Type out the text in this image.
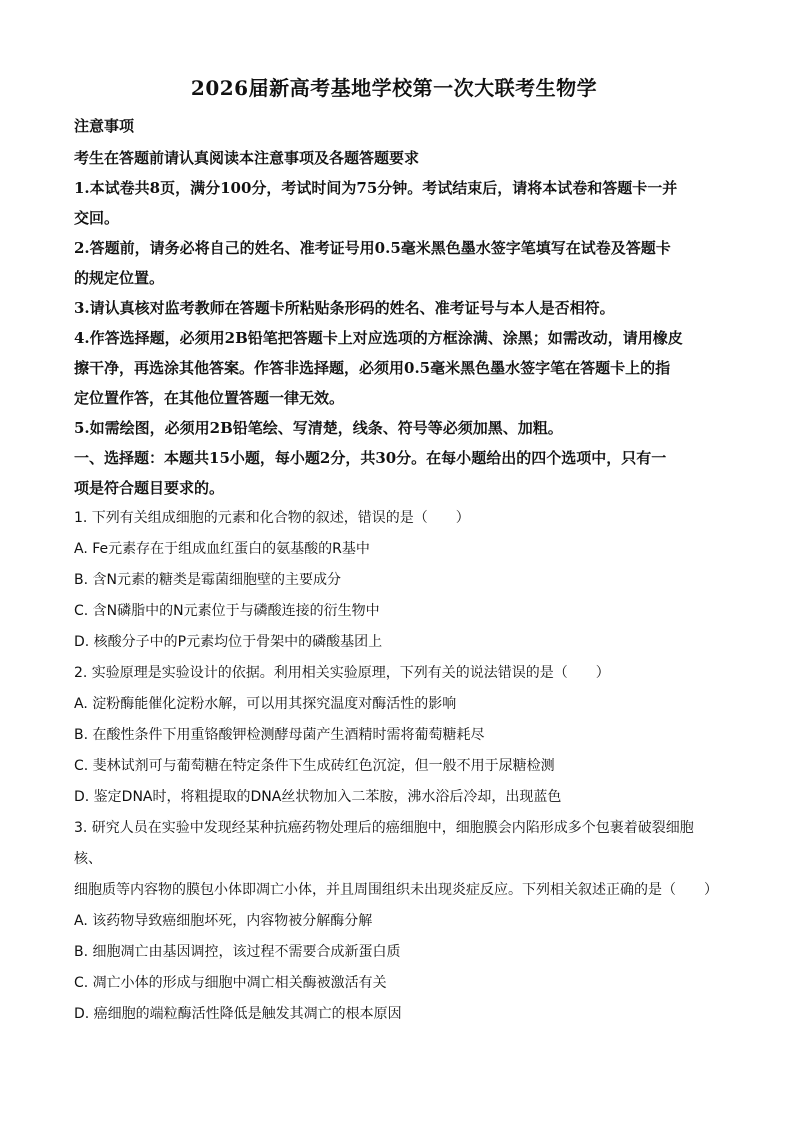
2026届新高考基地学校第一次大联考生物学

注意事项

考生在答题前请认真阅读本注意事项及各题答题要求

1.本试卷共8页，满分100分，考试时间为75分钟。考试结束后，请将本试卷和答题卡一并

交回。

2.答题前，请务必将自己的姓名、准考证号用0.5毫米黑色墨水签字笔填写在试卷及答题卡

的规定位置。

3.请认真核对监考教师在答题卡所粘贴条形码的姓名、准考证号与本人是否相符。

4.作答选择题，必须用2B铅笔把答题卡上对应选项的方框涂满、涂黑；如需改动，请用橡皮

擦干净，再选涂其他答案。作答非选择题，必须用0.5毫米黑色墨水签字笔在答题卡上的指

定位置作答，在其他位置答题一律无效。

5.如需绘图，必须用2B铅笔绘、写清楚，线条、符号等必须加黑、加粗。

一、选择题：本题共15小题，每小题2分，共30分。在每小题给出的四个选项中，只有一

项是符合题目要求的。

1. 下列有关组成细胞的元素和化合物的叙述，错误的是（　　）

A. Fe元素存在于组成血红蛋白的氨基酸的R基中

B. 含N元素的糖类是霉菌细胞壁的主要成分

C. 含N磷脂中的N元素位于与磷酸连接的衍生物中

D. 核酸分子中的P元素均位于骨架中的磷酸基团上

2. 实验原理是实验设计的依据。利用相关实验原理，下列有关的说法错误的是（　　）

A. 淀粉酶能催化淀粉水解，可以用其探究温度对酶活性的影响

B. 在酸性条件下用重铬酸钾检测酵母菌产生酒精时需将葡萄糖耗尽

C. 斐林试剂可与葡萄糖在特定条件下生成砖红色沉淀，但一般不用于尿糖检测

D. 鉴定DNA时，将粗提取的DNA丝状物加入二苯胺，沸水浴后冷却，出现蓝色

3. 研究人员在实验中发现经某种抗癌药物处理后的癌细胞中，细胞膜会内陷形成多个包裹着破裂细胞核、

细胞质等内容物的膜包小体即凋亡小体，并且周围组织未出现炎症反应。下列相关叙述正确的是（　　）

A. 该药物导致癌细胞坏死，内容物被分解酶分解

B. 细胞凋亡由基因调控，该过程不需要合成新蛋白质

C. 凋亡小体的形成与细胞中凋亡相关酶被激活有关

D. 癌细胞的端粒酶活性降低是触发其凋亡的根本原因
